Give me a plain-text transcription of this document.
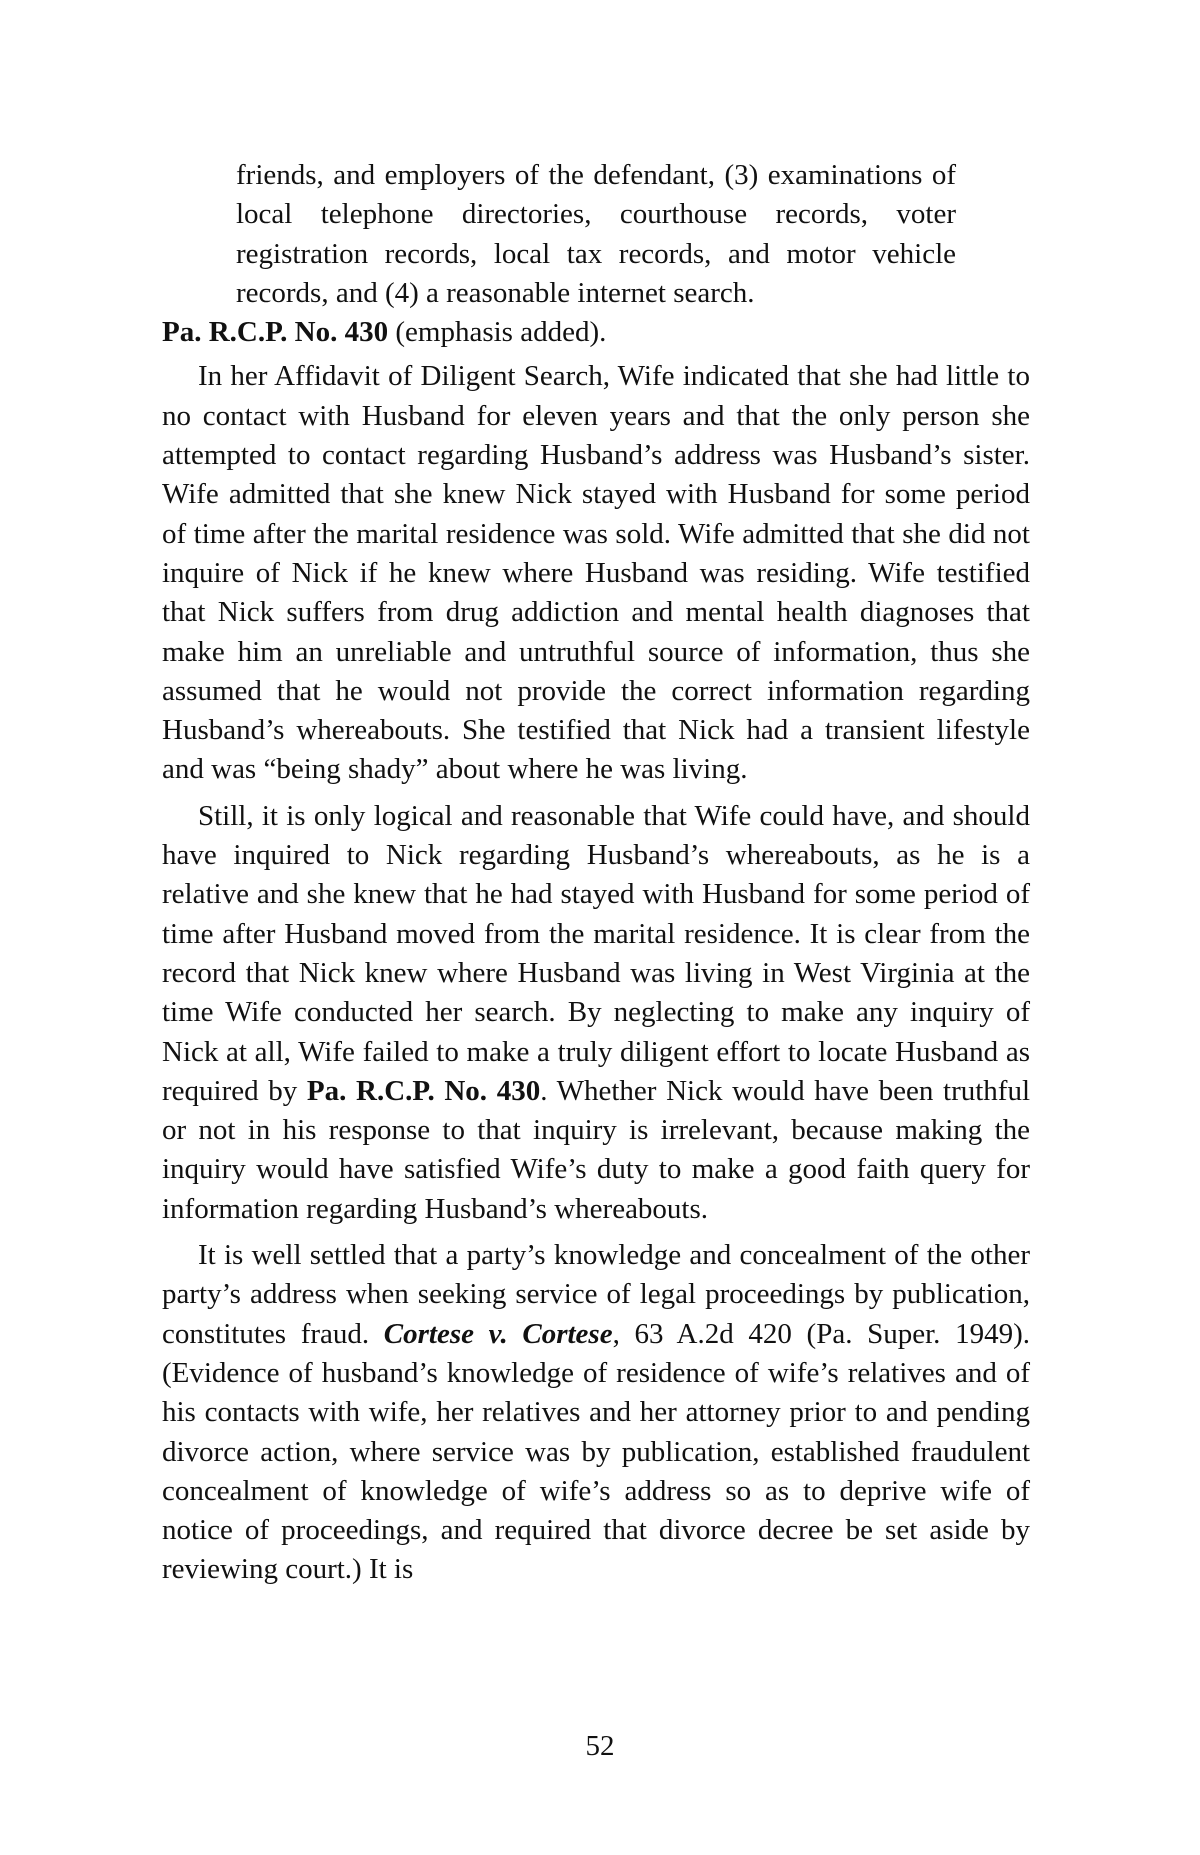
friends, and employers of the defendant, (3) examinations of local telephone directories, courthouse records, voter registration records, local tax records, and motor vehicle records, and (4) a reasonable internet search.

Pa. R.C.P. No. 430 (emphasis added).

In her Affidavit of Diligent Search, Wife indicated that she had little to no contact with Husband for eleven years and that the only person she attempted to contact regarding Husband’s address was Husband’s sister. Wife admitted that she knew Nick stayed with Husband for some period of time after the marital residence was sold. Wife admitted that she did not inquire of Nick if he knew where Husband was residing. Wife testified that Nick suffers from drug addiction and mental health diagnoses that make him an unreliable and untruthful source of information, thus she assumed that he would not provide the correct information regarding Husband’s whereabouts. She testified that Nick had a transient lifestyle and was “being shady” about where he was living.

Still, it is only logical and reasonable that Wife could have, and should have inquired to Nick regarding Husband’s whereabouts, as he is a relative and she knew that he had stayed with Husband for some period of time after Husband moved from the marital residence. It is clear from the record that Nick knew where Husband was living in West Virginia at the time Wife conducted her search. By neglecting to make any inquiry of Nick at all, Wife failed to make a truly diligent effort to locate Husband as required by Pa. R.C.P. No. 430. Whether Nick would have been truthful or not in his response to that inquiry is irrelevant, because making the inquiry would have satisfied Wife’s duty to make a good faith query for information regarding Husband’s whereabouts.

It is well settled that a party’s knowledge and concealment of the other party’s address when seeking service of legal proceedings by publication, constitutes fraud. Cortese v. Cortese, 63 A.2d 420 (Pa. Super. 1949). (Evidence of husband’s knowledge of residence of wife’s relatives and of his contacts with wife, her relatives and her attorney prior to and pending divorce action, where service was by publication, established fraudulent concealment of knowledge of wife’s address so as to deprive wife of notice of proceedings, and required that divorce decree be set aside by reviewing court.) It is

52
